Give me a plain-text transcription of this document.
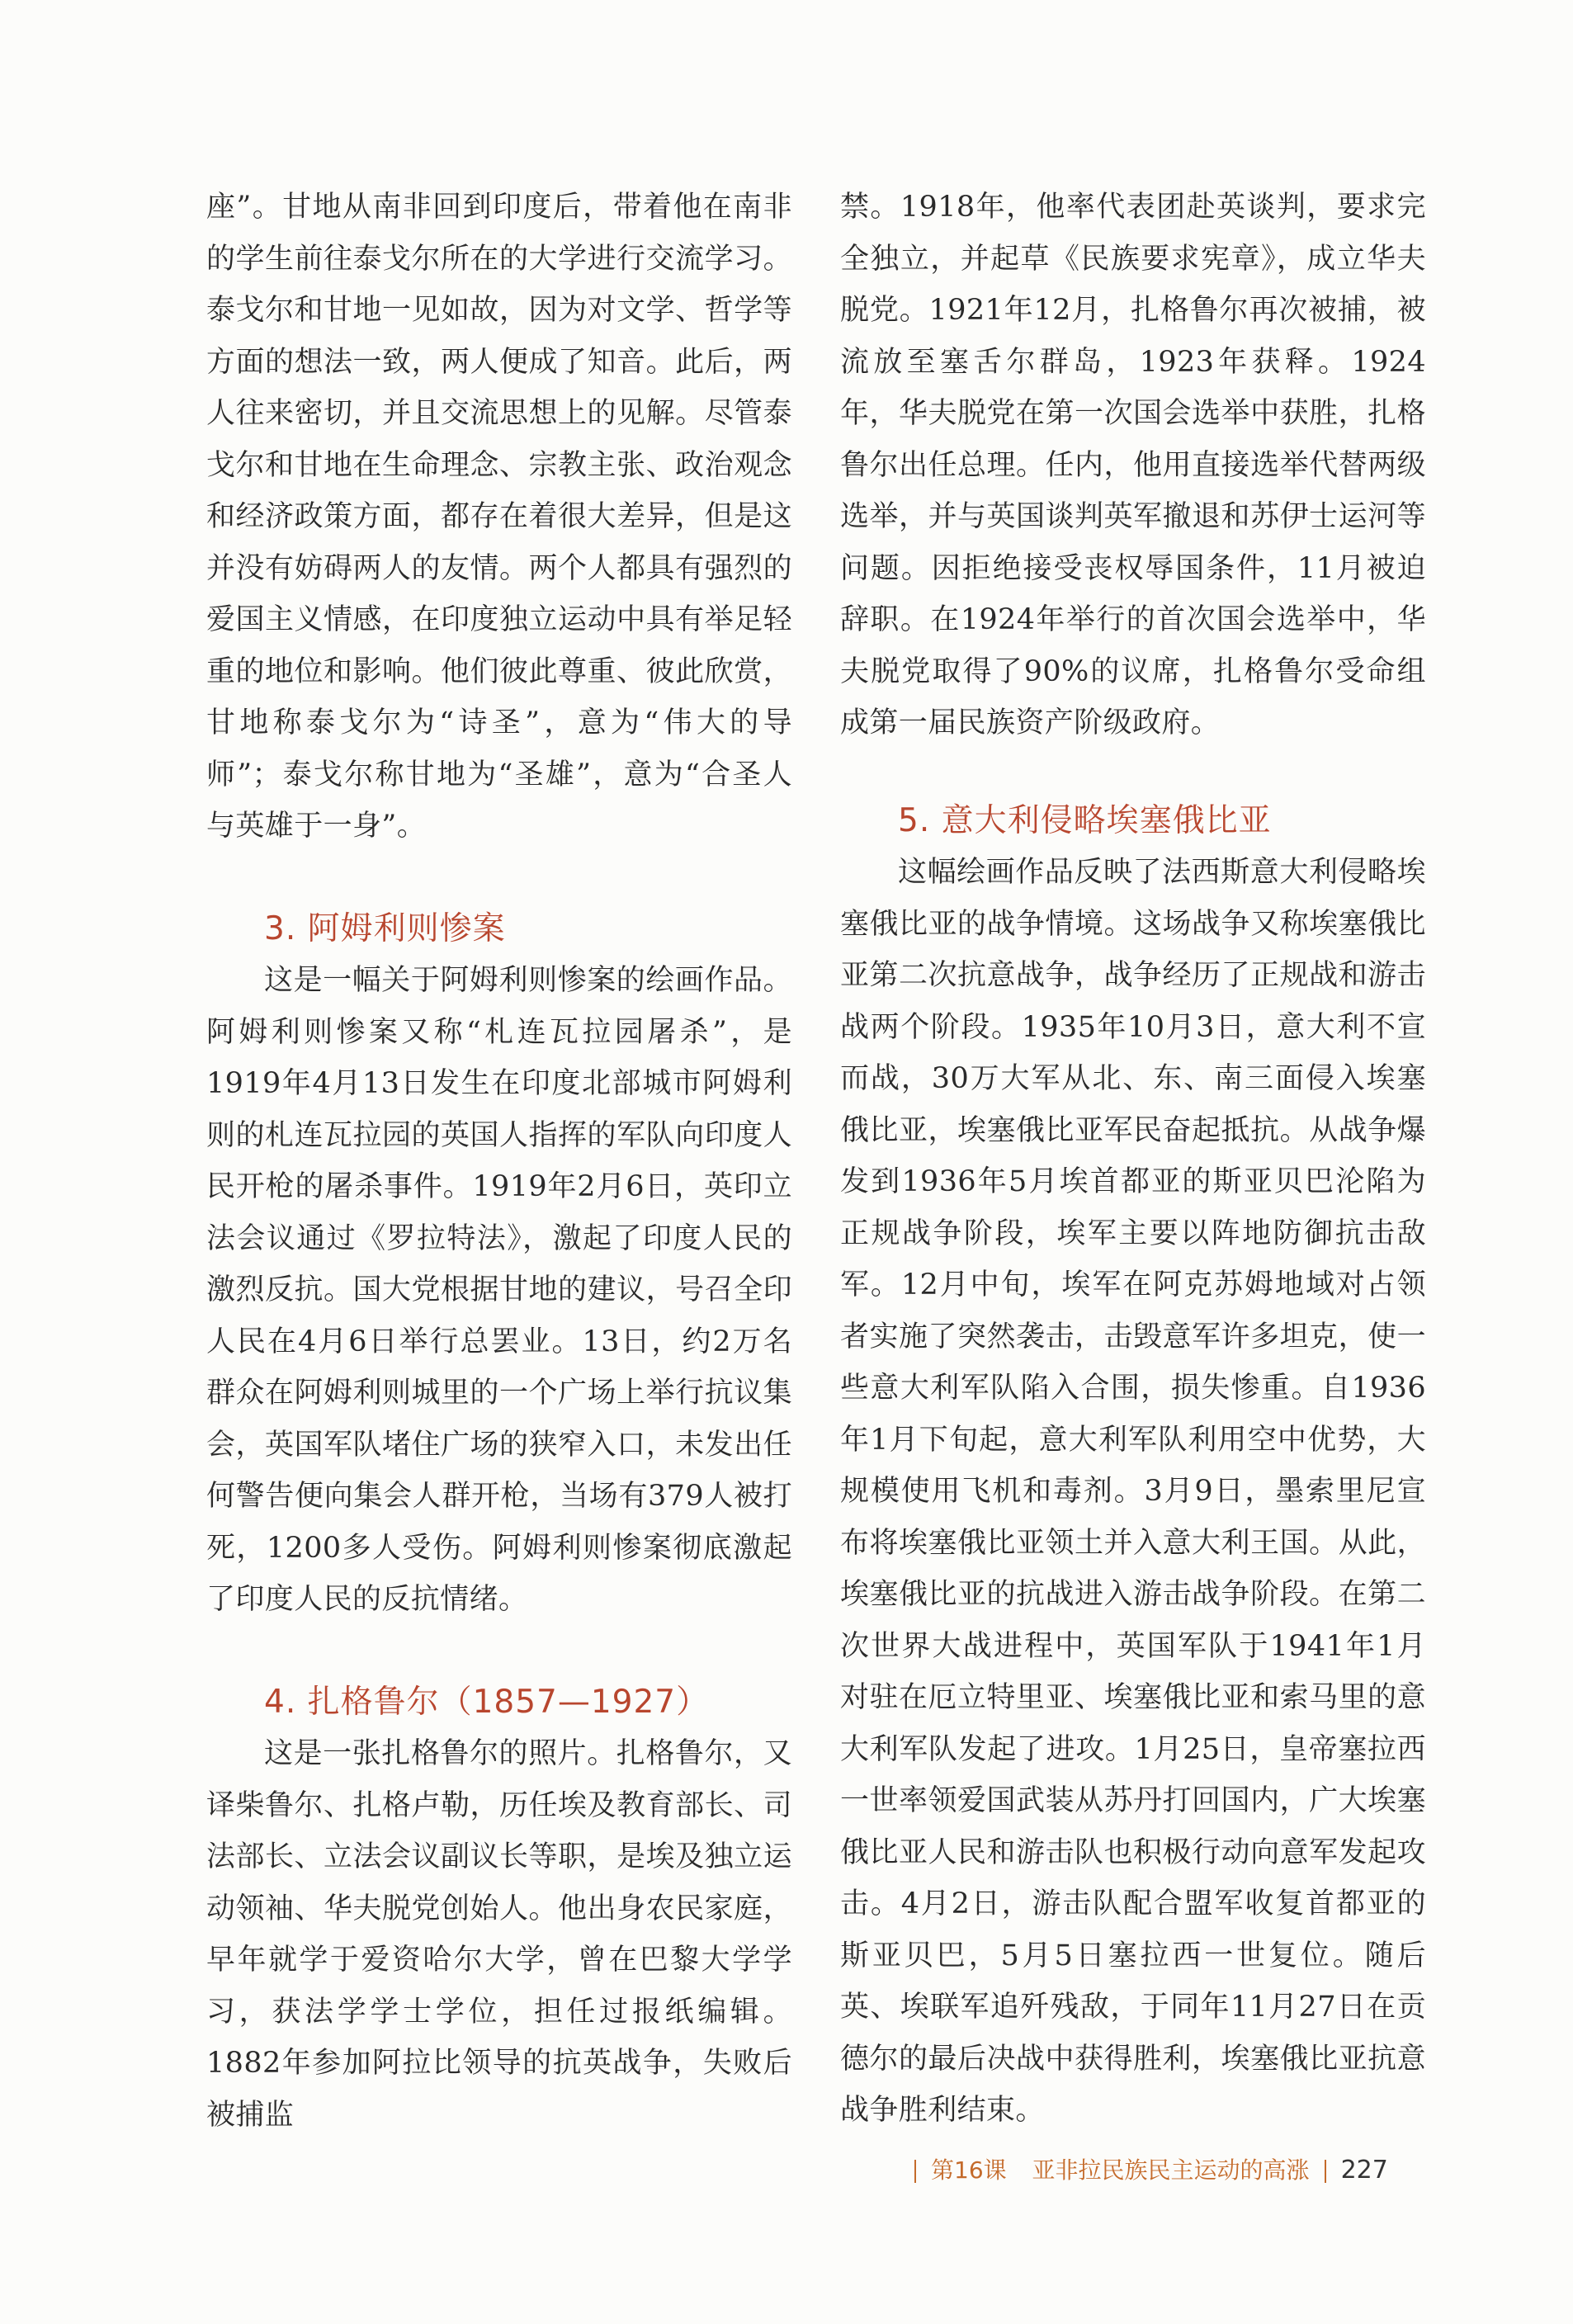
座”。甘地从南非回到印度后，带着他在南非的学生前往泰戈尔所在的大学进行交流学习。泰戈尔和甘地一见如故，因为对文学、哲学等方面的想法一致，两人便成了知音。此后，两人往来密切，并且交流思想上的见解。尽管泰戈尔和甘地在生命理念、宗教主张、政治观念和经济政策方面，都存在着很大差异，但是这并没有妨碍两人的友情。两个人都具有强烈的爱国主义情感，在印度独立运动中具有举足轻重的地位和影响。他们彼此尊重、彼此欣赏，甘地称泰戈尔为“诗圣”，意为“伟大的导师”；泰戈尔称甘地为“圣雄”，意为“合圣人与英雄于一身”。

3. 阿姆利则惨案

这是一幅关于阿姆利则惨案的绘画作品。阿姆利则惨案又称“札连瓦拉园屠杀”，是1919年4月13日发生在印度北部城市阿姆利则的札连瓦拉园的英国人指挥的军队向印度人民开枪的屠杀事件。1919年2月6日，英印立法会议通过《罗拉特法》，激起了印度人民的激烈反抗。国大党根据甘地的建议，号召全印人民在4月6日举行总罢业。13日，约2万名群众在阿姆利则城里的一个广场上举行抗议集会，英国军队堵住广场的狭窄入口，未发出任何警告便向集会人群开枪，当场有379人被打死，1200多人受伤。阿姆利则惨案彻底激起了印度人民的反抗情绪。

4. 扎格鲁尔（1857—1927）

这是一张扎格鲁尔的照片。扎格鲁尔，又译柴鲁尔、扎格卢勒，历任埃及教育部长、司法部长、立法会议副议长等职，是埃及独立运动领袖、华夫脱党创始人。他出身农民家庭，早年就学于爱资哈尔大学，曾在巴黎大学学习，获法学学士学位，担任过报纸编辑。1882年参加阿拉比领导的抗英战争，失败后被捕监

禁。1918年，他率代表团赴英谈判，要求完全独立，并起草《民族要求宪章》，成立华夫脱党。1921年12月，扎格鲁尔再次被捕，被流放至塞舌尔群岛，1923年获释。1924年，华夫脱党在第一次国会选举中获胜，扎格鲁尔出任总理。任内，他用直接选举代替两级选举，并与英国谈判英军撤退和苏伊士运河等问题。因拒绝接受丧权辱国条件，11月被迫辞职。在1924年举行的首次国会选举中，华夫脱党取得了90%的议席，扎格鲁尔受命组成第一届民族资产阶级政府。

5. 意大利侵略埃塞俄比亚

这幅绘画作品反映了法西斯意大利侵略埃塞俄比亚的战争情境。这场战争又称埃塞俄比亚第二次抗意战争，战争经历了正规战和游击战两个阶段。1935年10月3日，意大利不宣而战，30万大军从北、东、南三面侵入埃塞俄比亚，埃塞俄比亚军民奋起抵抗。从战争爆发到1936年5月埃首都亚的斯亚贝巴沦陷为正规战争阶段，埃军主要以阵地防御抗击敌军。12月中旬，埃军在阿克苏姆地域对占领者实施了突然袭击，击毁意军许多坦克，使一些意大利军队陷入合围，损失惨重。自1936年1月下旬起，意大利军队利用空中优势，大规模使用飞机和毒剂。3月9日，墨索里尼宣布将埃塞俄比亚领土并入意大利王国。从此，埃塞俄比亚的抗战进入游击战争阶段。在第二次世界大战进程中，英国军队于1941年1月对驻在厄立特里亚、埃塞俄比亚和索马里的意大利军队发起了进攻。1月25日，皇帝塞拉西一世率领爱国武装从苏丹打回国内，广大埃塞俄比亚人民和游击队也积极行动向意军发起攻击。4月2日，游击队配合盟军收复首都亚的斯亚贝巴，5月5日塞拉西一世复位。随后英、埃联军追歼残敌，于同年11月27日在贡德尔的最后决战中获得胜利，埃塞俄比亚抗意战争胜利结束。

第16课 亚非拉民族民主运动的高涨 227
